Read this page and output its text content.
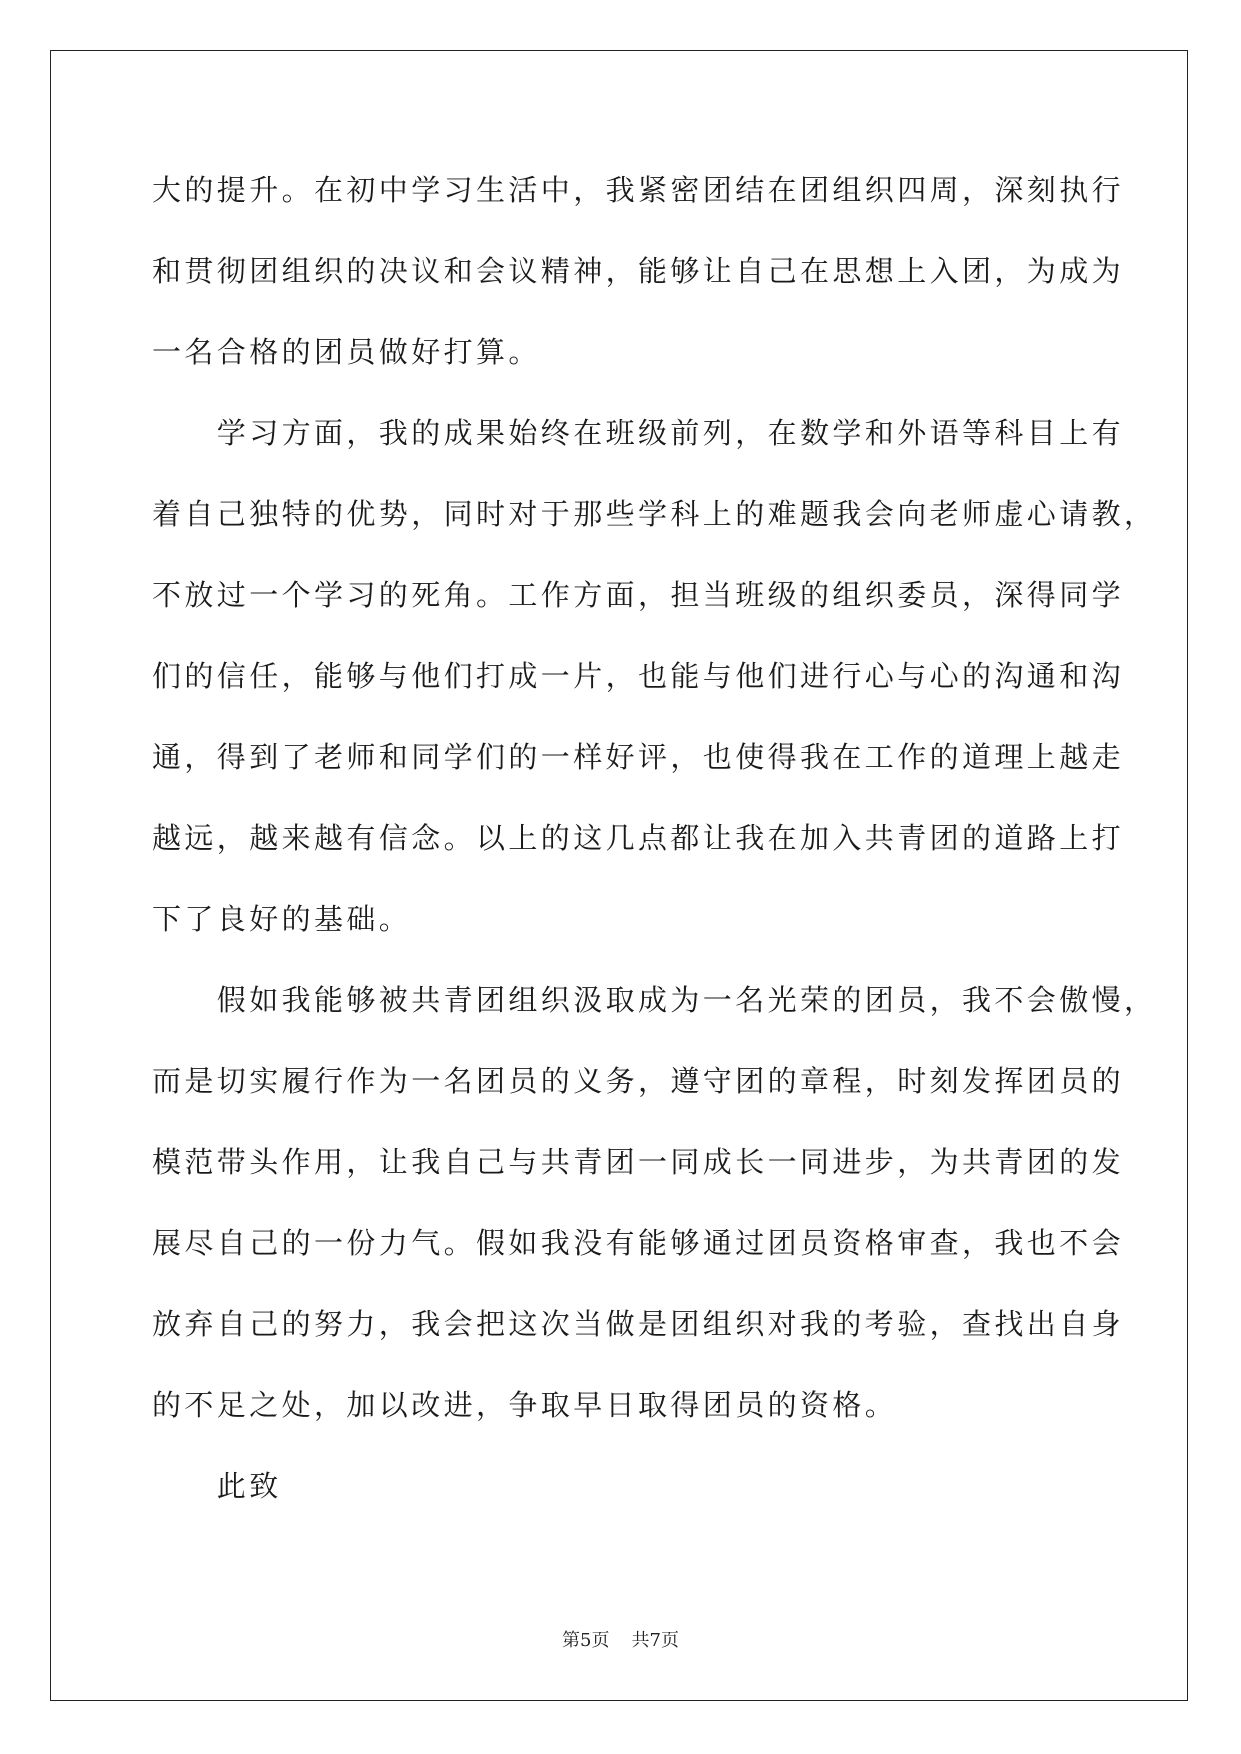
大的提升。在初中学习生活中，我紧密团结在团组织四周，深刻执行
和贯彻团组织的决议和会议精神，能够让自己在思想上入团，为成为
一名合格的团员做好打算。
　　学习方面，我的成果始终在班级前列，在数学和外语等科目上有
着自己独特的优势，同时对于那些学科上的难题我会向老师虚心请教，
不放过一个学习的死角。工作方面，担当班级的组织委员，深得同学
们的信任，能够与他们打成一片，也能与他们进行心与心的沟通和沟
通，得到了老师和同学们的一样好评，也使得我在工作的道理上越走
越远，越来越有信念。以上的这几点都让我在加入共青团的道路上打
下了良好的基础。
　　假如我能够被共青团组织汲取成为一名光荣的团员，我不会傲慢，
而是切实履行作为一名团员的义务，遵守团的章程，时刻发挥团员的
模范带头作用，让我自己与共青团一同成长一同进步，为共青团的发
展尽自己的一份力气。假如我没有能够通过团员资格审查，我也不会
放弃自己的努力，我会把这次当做是团组织对我的考验，查找出自身
的不足之处，加以改进，争取早日取得团员的资格。
　　此致
第5页 共7页
